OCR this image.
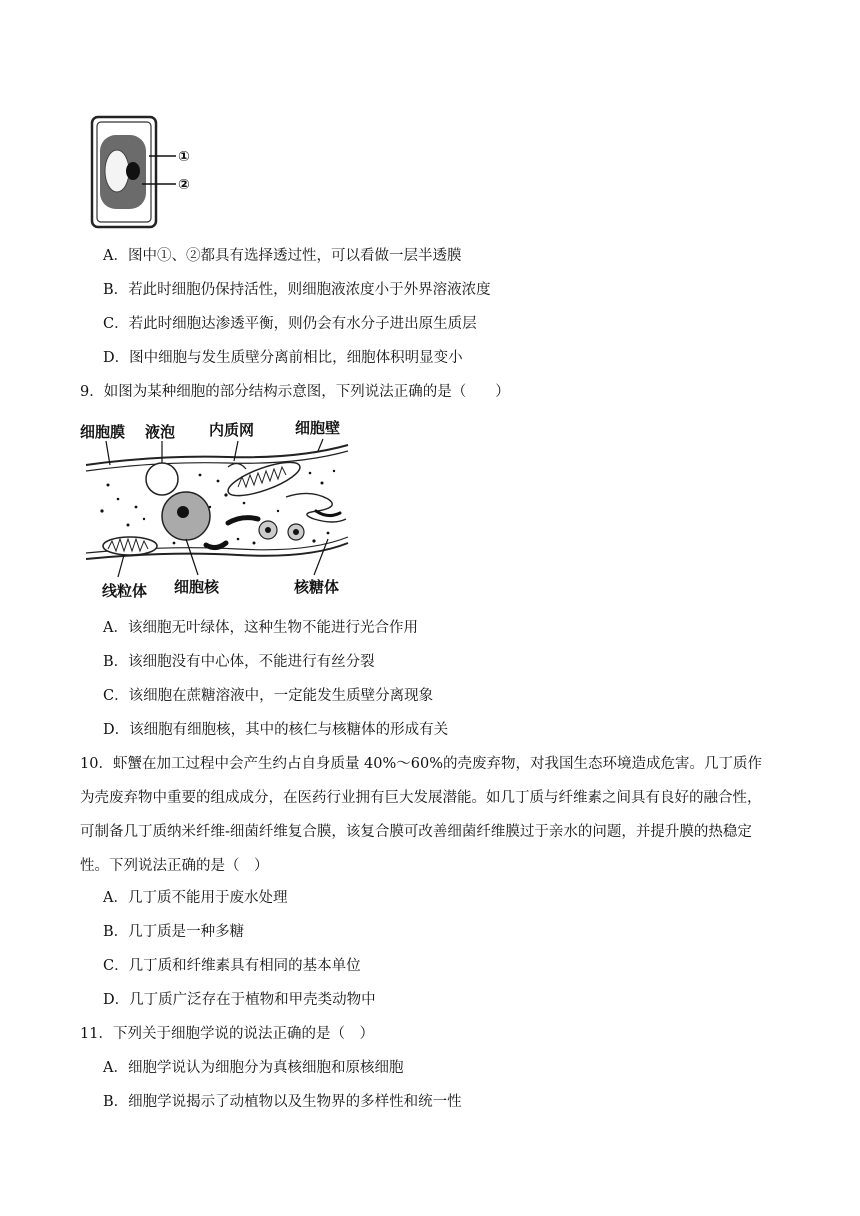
①
②
A．图中①、②都具有选择透过性，可以看做一层半透膜
B．若此时细胞仍保持活性，则细胞液浓度小于外界溶液浓度
C．若此时细胞达渗透平衡，则仍会有水分子进出原生质层
D．图中细胞与发生质壁分离前相比，细胞体积明显变小
9．如图为某种细胞的部分结构示意图，下列说法正确的是（　　）
细胞膜 液泡 内质网	细胞壁
线粒体 细胞核	核糖体
A．该细胞无叶绿体，这种生物不能进行光合作用
B．该细胞没有中心体，不能进行有丝分裂
C．该细胞在蔗糖溶液中，一定能发生质壁分离现象
D．该细胞有细胞核，其中的核仁与核糖体的形成有关
10．虾蟹在加工过程中会产生约占自身质量 40%～60%的壳废弃物，对我国生态环境造成危害。几丁质作
为壳废弃物中重要的组成成分，在医药行业拥有巨大发展潜能。如几丁质与纤维素之间具有良好的融合性，
可制备几丁质纳米纤维-细菌纤维复合膜，该复合膜可改善细菌纤维膜过于亲水的问题，并提升膜的热稳定
性。下列说法正确的是（　）
A．几丁质不能用于废水处理
B．几丁质是一种多糖
C．几丁质和纤维素具有相同的基本单位
D．几丁质广泛存在于植物和甲壳类动物中
11．下列关于细胞学说的说法正确的是（　）
A．细胞学说认为细胞分为真核细胞和原核细胞
B．细胞学说揭示了动植物以及生物界的多样性和统一性
